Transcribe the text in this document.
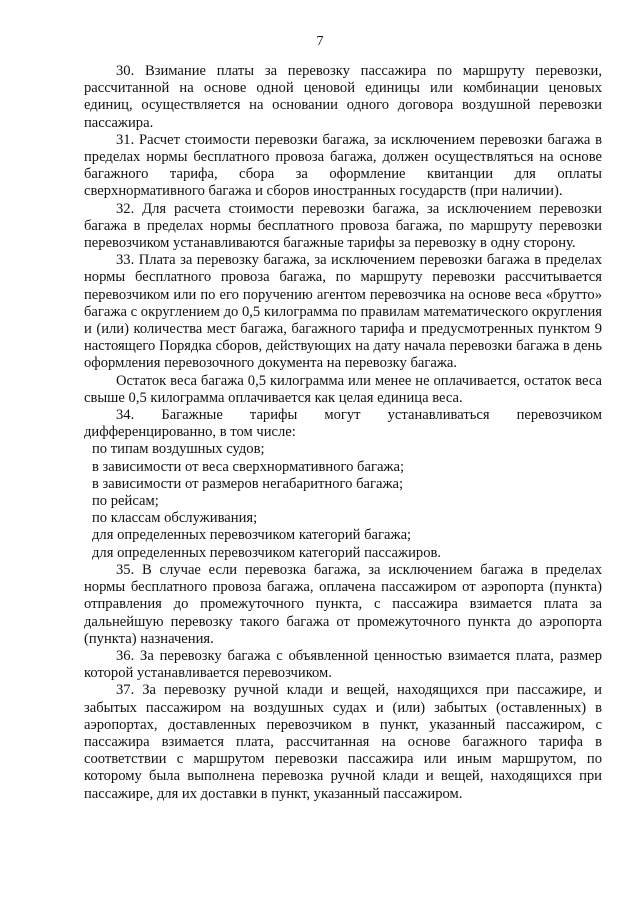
7

30. Взимание платы за перевозку пассажира по маршруту перевозки, рассчитанной на основе одной ценовой единицы или комбинации ценовых единиц, осуществляется на основании одного договора воздушной перевозки пассажира.

31. Расчет стоимости перевозки багажа, за исключением перевозки багажа в пределах нормы бесплатного провоза багажа, должен осуществляться на основе багажного тарифа, сбора за оформление квитанции для оплаты сверхнормативного багажа и сборов иностранных государств (при наличии).

32. Для расчета стоимости перевозки багажа, за исключением перевозки багажа в пределах нормы бесплатного провоза багажа, по маршруту перевозки перевозчиком устанавливаются багажные тарифы за перевозку в одну сторону.

33. Плата за перевозку багажа, за исключением перевозки багажа в пределах нормы бесплатного провоза багажа, по маршруту перевозки рассчитывается перевозчиком или по его поручению агентом перевозчика на основе веса «брутто» багажа с округлением до 0,5 килограмма по правилам математического округления и (или) количества мест багажа, багажного тарифа и предусмотренных пунктом 9 настоящего Порядка сборов, действующих на дату начала перевозки багажа в день оформления перевозочного документа на перевозку багажа.

Остаток веса багажа 0,5 килограмма или менее не оплачивается, остаток веса свыше 0,5 килограмма оплачивается как целая единица веса.

34. Багажные тарифы могут устанавливаться перевозчиком дифференцированно, в том числе:

по типам воздушных судов;

в зависимости от веса сверхнормативного багажа;

в зависимости от размеров негабаритного багажа;

по рейсам;

по классам обслуживания;

для определенных перевозчиком категорий багажа;

для определенных перевозчиком категорий пассажиров.

35. В случае если перевозка багажа, за исключением багажа в пределах нормы бесплатного провоза багажа, оплачена пассажиром от аэропорта (пункта) отправления до промежуточного пункта, с пассажира взимается плата за дальнейшую перевозку такого багажа от промежуточного пункта до аэропорта (пункта) назначения.

36. За перевозку багажа с объявленной ценностью взимается плата, размер которой устанавливается перевозчиком.

37. За перевозку ручной клади и вещей, находящихся при пассажире, и забытых пассажиром на воздушных судах и (или) забытых (оставленных) в аэропортах, доставленных перевозчиком в пункт, указанный пассажиром, с пассажира взимается плата, рассчитанная на основе багажного тарифа в соответствии с маршрутом перевозки пассажира или иным маршрутом, по которому была выполнена перевозка ручной клади и вещей, находящихся при пассажире, для их доставки в пункт, указанный пассажиром.
